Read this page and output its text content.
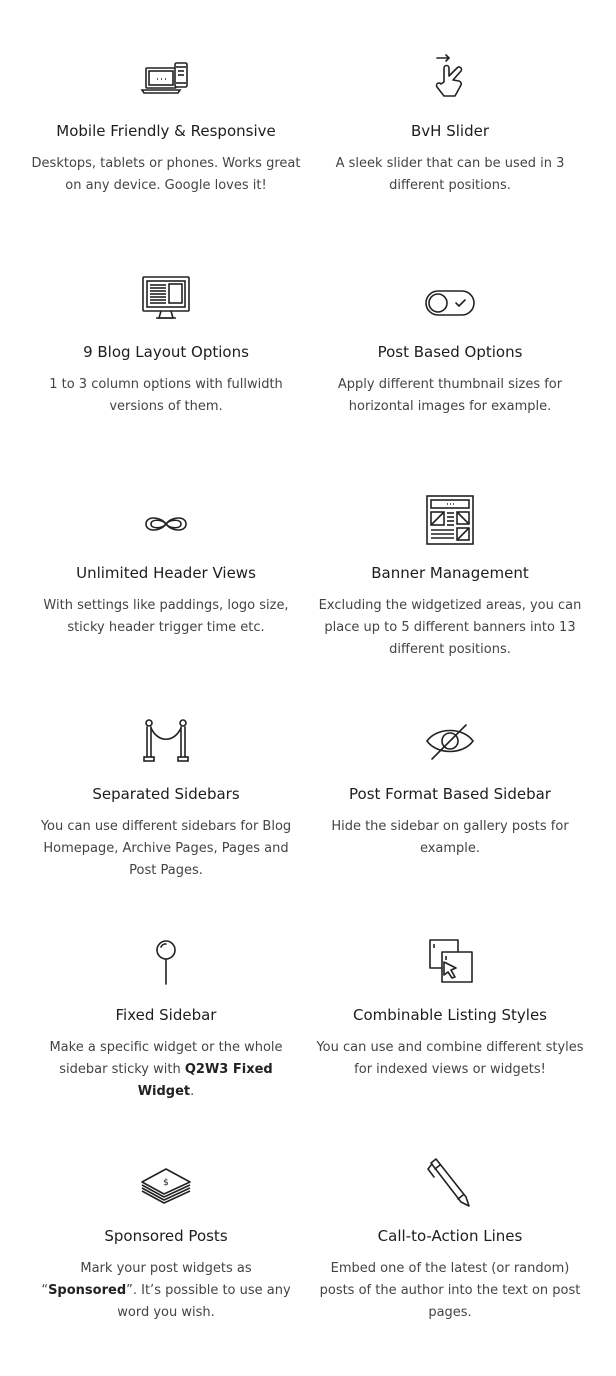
Mobile Friendly & Responsive
Desktops, tablets or phones. Works great on any device. Google loves it!
BvH Slider
A sleek slider that can be used in 3 different positions.
9 Blog Layout Options
1 to 3 column options with fullwidth versions of them.
Post Based Options
Apply different thumbnail sizes for horizontal images for example.
Unlimited Header Views
With settings like paddings, logo size, sticky header trigger time etc.
Banner Management
Excluding the widgetized areas, you can place up to 5 different banners into 13 different positions.
Separated Sidebars
You can use different sidebars for Blog Homepage, Archive Pages, Pages and Post Pages.
Post Format Based Sidebar
Hide the sidebar on gallery posts for example.
Fixed Sidebar
Make a specific widget or the whole sidebar sticky with Q2W3 Fixed Widget.
Combinable Listing Styles
You can use and combine different styles for indexed views or widgets!
$
Sponsored Posts
Mark your post widgets as “Sponsored”. It’s possible to use any word you wish.
Call-to-Action Lines
Embed one of the latest (or random) posts of the author into the text on post pages.
